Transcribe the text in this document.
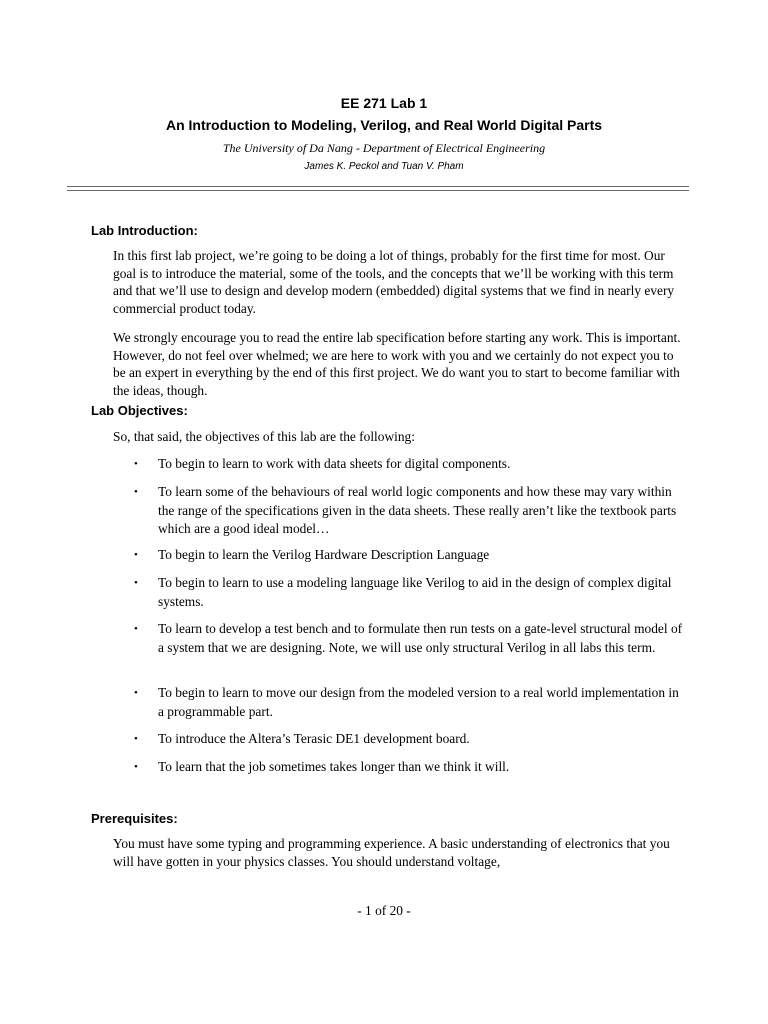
EE 271 Lab 1
An Introduction to Modeling, Verilog, and Real World Digital Parts
The University of Da Nang - Department of Electrical Engineering
James K. Peckol and Tuan V. Pham
Lab Introduction:
In this first lab project, we’re going to be doing a lot of things, probably for the first time for most. Our goal is to introduce the material, some of the tools, and the concepts that we’ll be working with this term and that we’ll use to design and develop modern (embedded) digital systems that we find in nearly every commercial product today.
We strongly encourage you to read the entire lab specification before starting any work. This is important. However, do not feel over whelmed; we are here to work with you and we certainly do not expect you to be an expert in everything by the end of this first project. We do want you to start to become familiar with the ideas, though.
Lab Objectives:
So, that said, the objectives of this lab are the following:
• To begin to learn to work with data sheets for digital components.
• To learn some of the behaviours of real world logic components and how these may vary within the range of the specifications given in the data sheets. These really aren’t like the textbook parts which are a good ideal model…
• To begin to learn the Verilog Hardware Description Language
• To begin to learn to use a modeling language like Verilog to aid in the design of complex digital systems.
• To learn to develop a test bench and to formulate then run tests on a gate-level structural model of a system that we are designing. Note, we will use only structural Verilog in all labs this term.
• To begin to learn to move our design from the modeled version to a real world implementation in a programmable part.
• To introduce the Altera’s Terasic DE1 development board.
• To learn that the job sometimes takes longer than we think it will.
Prerequisites:
You must have some typing and programming experience. A basic understanding of electronics that you will have gotten in your physics classes. You should understand voltage,
- 1 of 20 -
